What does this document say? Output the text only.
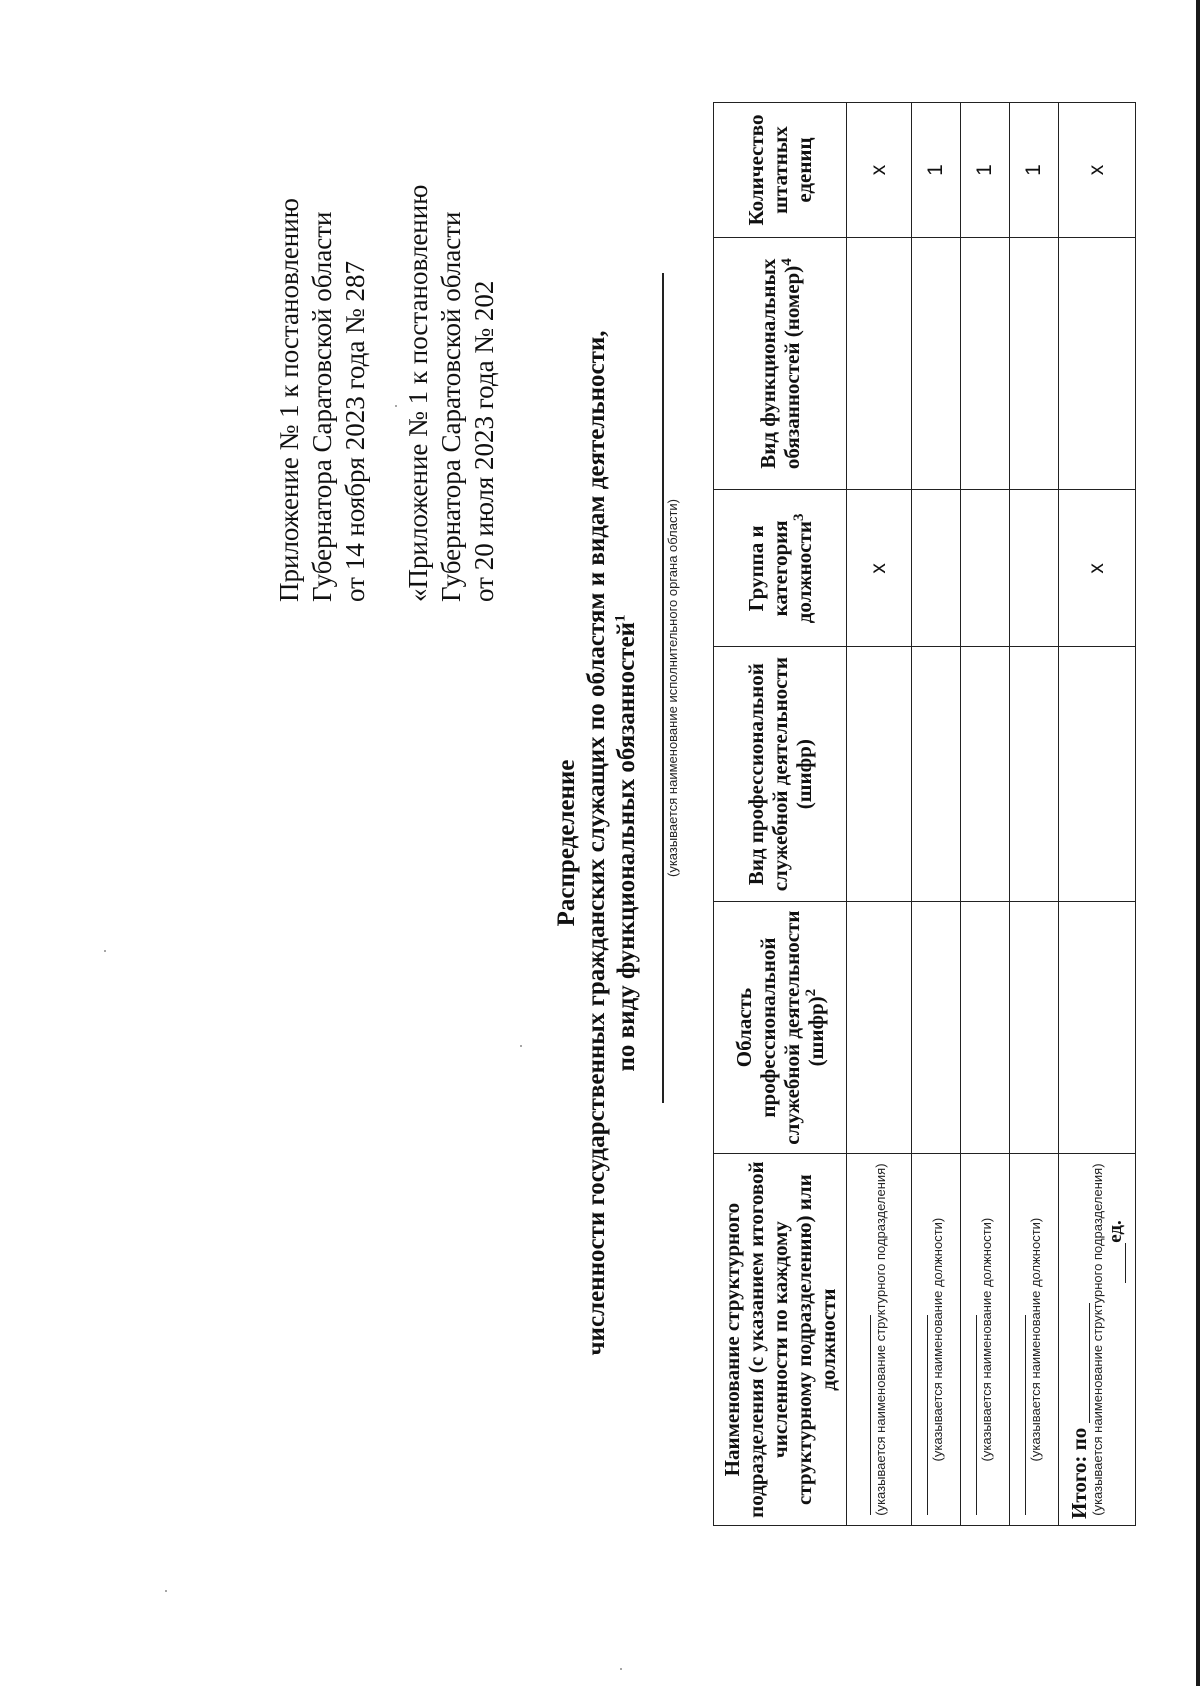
Приложение № 1 к постановлению Губернатора Саратовской области от 14 ноября 2023 года № 287 «Приложение № 1 к постановлению Губернатора Саратовской области от 20 июля 2023 года № 202
Распределение численности государственных гражданских служащих по областям и видам деятельности, по виду функциональных обязанностей$^1$	(указывается наименование исполнительного органа области)
Наименование структурного подразделения (с указанием итоговой численности по каждому структурному подразделению) или должности	Область профессиональной служебной деятельности (шифр)$^2$	Вид профессиональной служебной деятельности (шифр)	Группа и категория должности$^3$	Вид функциональных обязанностей (номер)$^4$	Количество штатных едениц

(указывается наименование структурного подразделения)			х		х

(указывается наименование должности)					1

(указывается наименование должности)					1

(указывается наименование должности)					1

Итого: по (указывается наименование структурного подразделения) ед.			х		х
